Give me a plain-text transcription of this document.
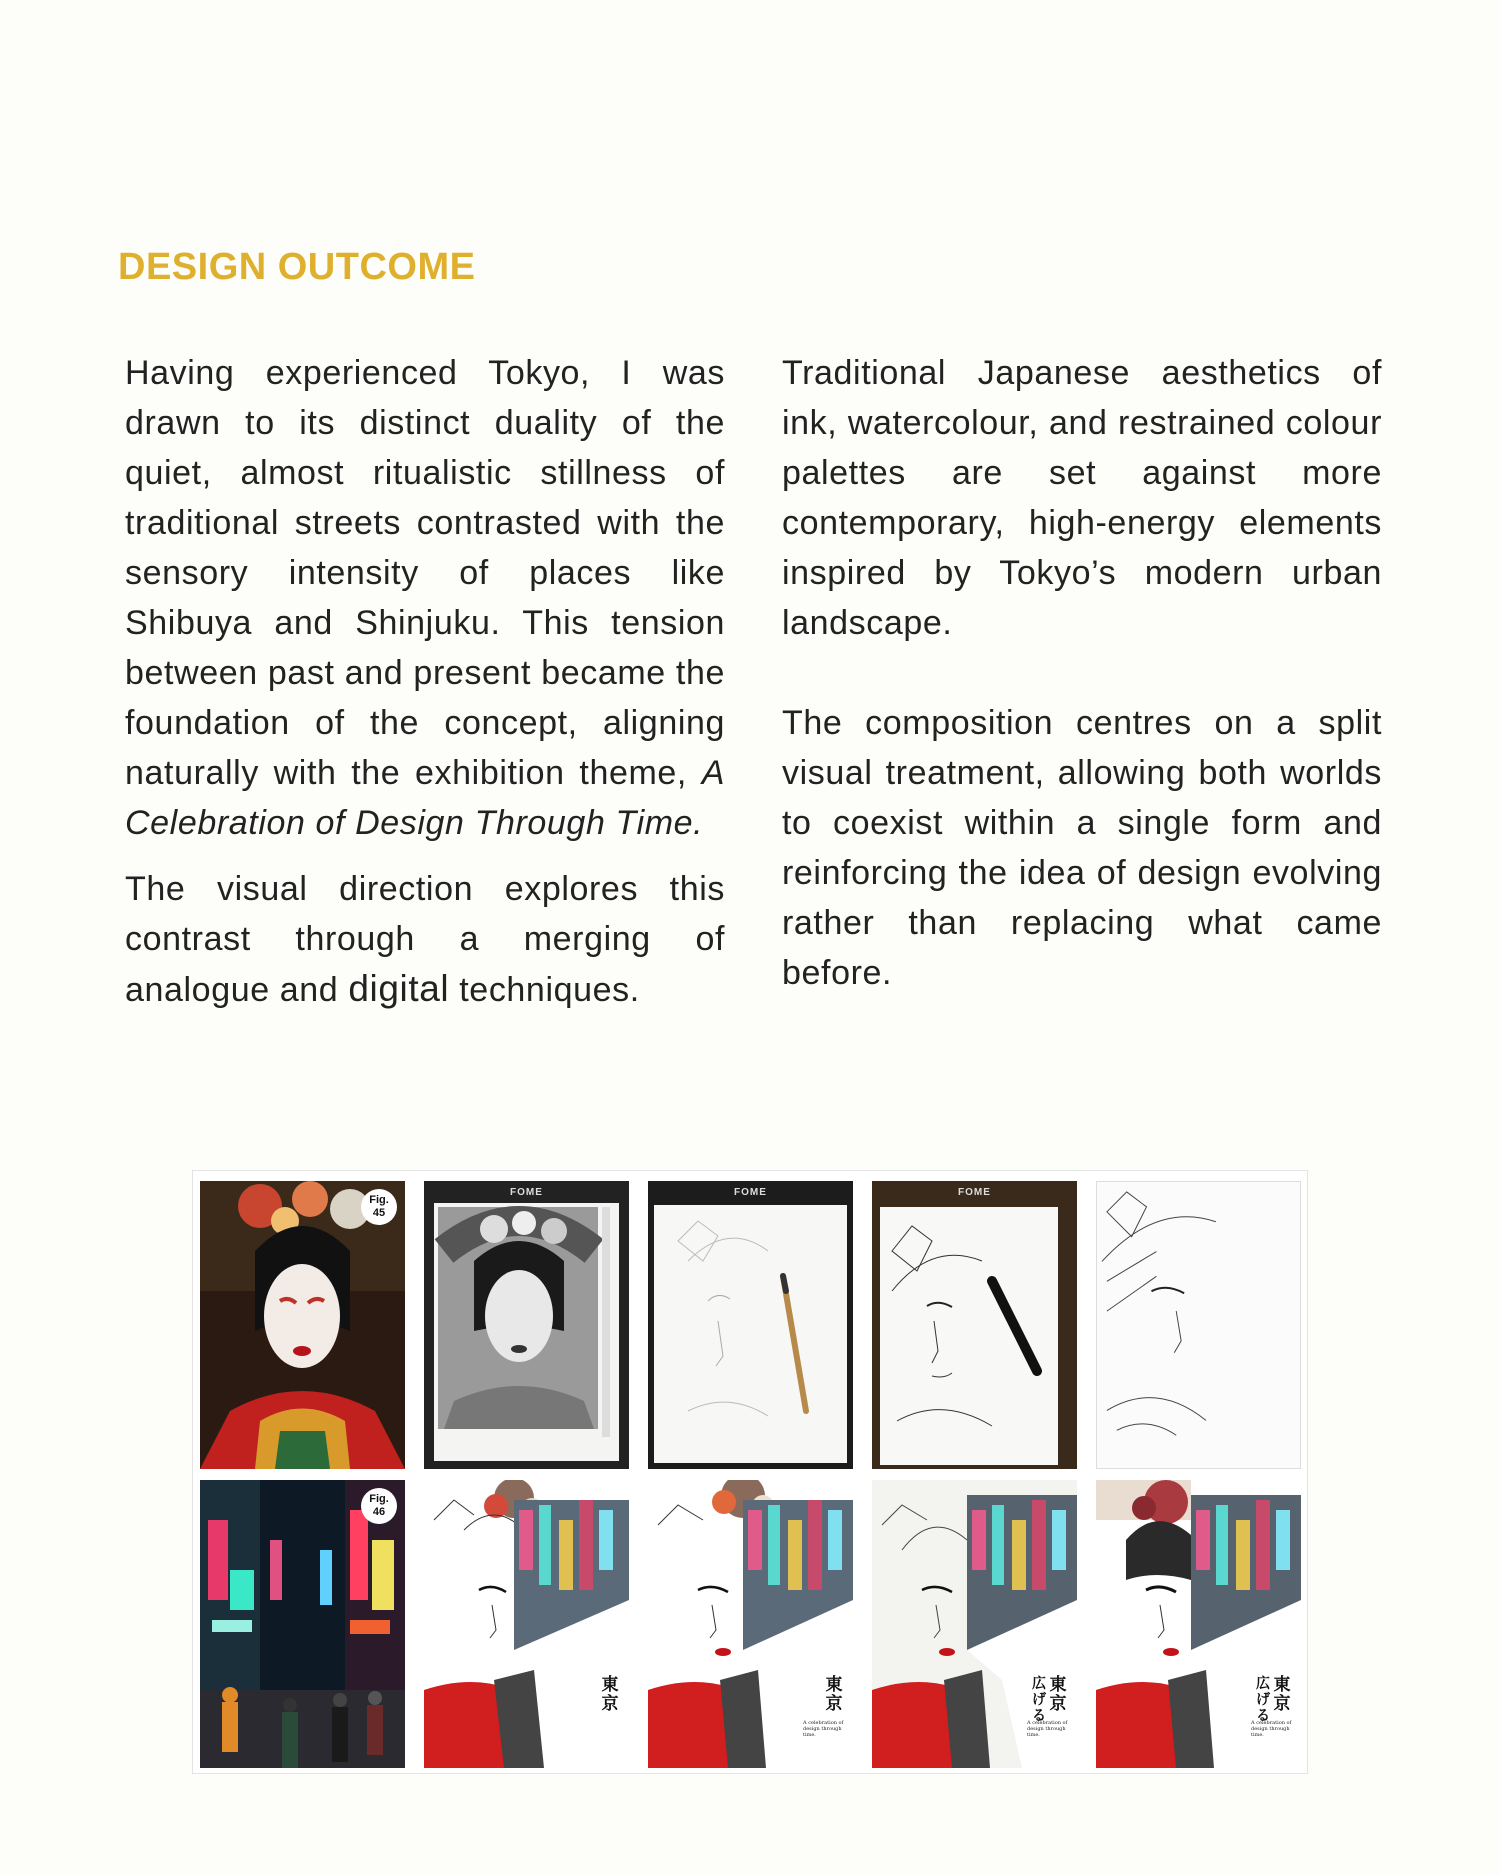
DESIGN OUTCOME

Having experienced Tokyo, I was drawn to its distinct duality of the quiet, almost ritualistic stillness of traditional streets contrasted with the sensory intensity of places like Shibuya and Shinjuku. This tension between past and present became the foundation of the concept, aligning naturally with the exhibition theme, A Celebration of Design Through Time.

The visual direction explores this contrast through a merging of analogue and digital techniques.

Traditional Japanese aesthetics of ink, watercolour, and restrained colour palettes are set against more contemporary, high-energy elements inspired by Tokyo’s modern urban landscape.

The composition centres on a split visual treatment, allowing both worlds to coexist within a single form and reinforcing the idea of design evolving rather than replacing what came before.

Fig.
45
FOME	FOME	FOME
Fig.
46
東京
東京
A celebration of design through time.
東京
広げる
A celebration of design through time.
東京
広げる
A celebration of design through time.
